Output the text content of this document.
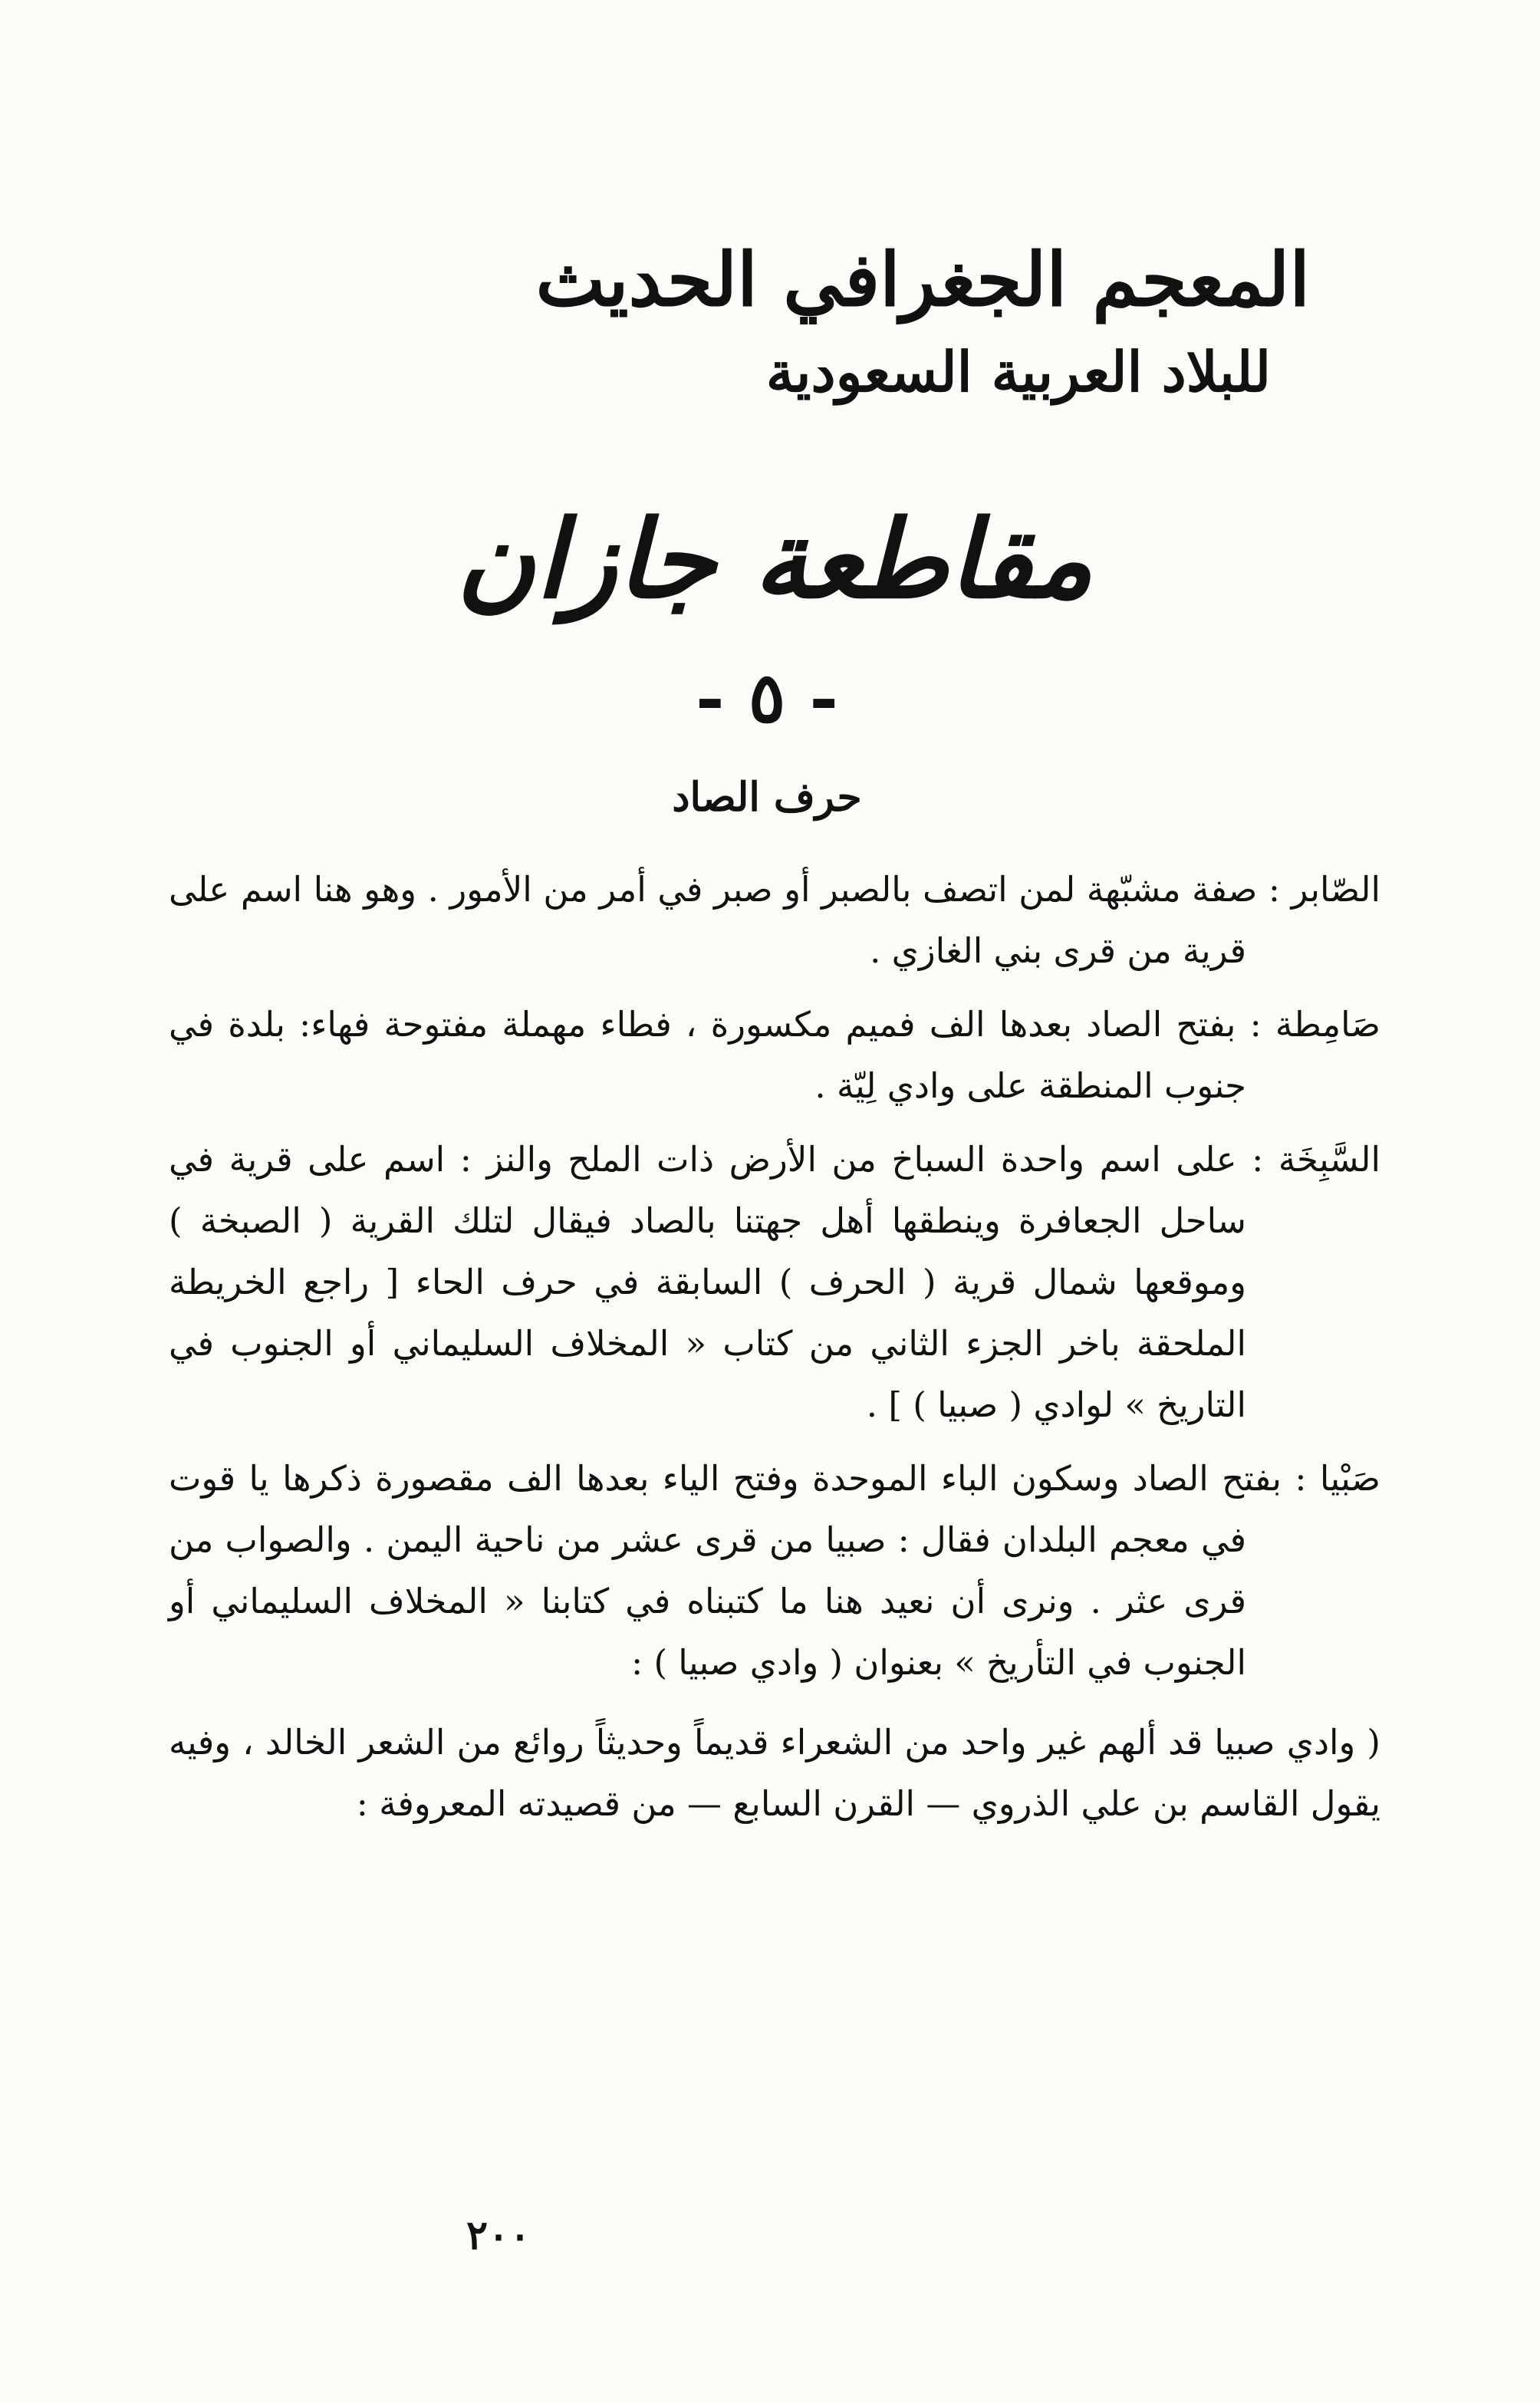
المعجم الجغرافي الحديث
للبلاد العربية السعودية
مقاطعة جازان
- ٥ -
حرف الصاد

الصّابر : صفة مشبّهة لمن اتصف بالصبر أو صبر في أمر من الأمور . وهو هنا اسم على قرية من قرى بني الغازي .

صَامِطة : بفتح الصاد بعدها الف فميم مكسورة ، فطاء مهملة مفتوحة فهاء: بلدة في جنوب المنطقة على وادي لِيّة .

السَّبِخَة : على اسم واحدة السباخ من الأرض ذات الملح والنز : اسم على قرية في ساحل الجعافرة وينطقها أهل جهتنا بالصاد فيقال لتلك القرية ( الصبخة ) وموقعها شمال قرية ( الحرف ) السابقة في حرف الحاء [ راجع الخريطة الملحقة باخر الجزء الثاني من كتاب « المخلاف السليماني أو الجنوب في التاريخ » لوادي ( صبيا ) ] .

صَبْيا : بفتح الصاد وسكون الباء الموحدة وفتح الياء بعدها الف مقصورة ذكرها يا قوت في معجم البلدان فقال : صبيا من قرى عشر من ناحية اليمن . والصواب من قرى عثر . ونرى أن نعيد هنا ما كتبناه في كتابنا « المخلاف السليماني أو الجنوب في التأريخ » بعنوان ( وادي صبيا ) :

( وادي صبيا قد ألهم غير واحد من الشعراء قديماً وحديثاً روائع من الشعر الخالد ، وفيه يقول القاسم بن علي الذروي — القرن السابع — من قصيدته المعروفة :

٢٠٠
